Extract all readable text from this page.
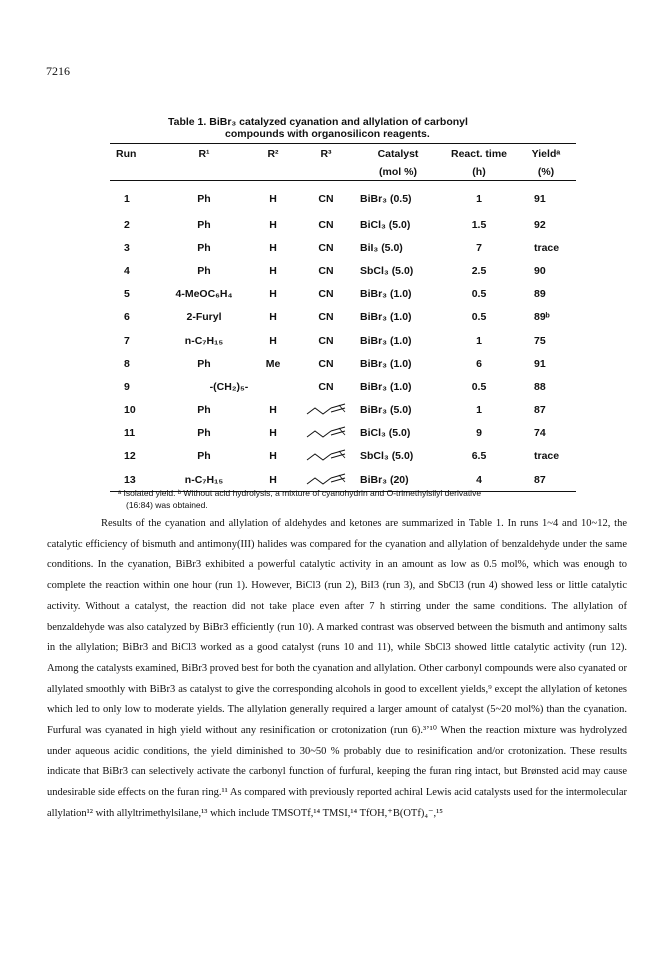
7216
Table 1. BiBr₃ catalyzed cyanation and allylation of carbonyl
compounds with organosilicon reagents.
Run	R¹	R²	R³	Catalyst	React. time	Yieldᵃ
				(mol %)	(h)	(%)
1	Ph	H	CN	BiBr₃ (0.5)	1	91
2	Ph	H	CN	BiCl₃ (5.0)	1.5	92
3	Ph	H	CN	BiI₃ (5.0)	7	trace
4	Ph	H	CN	SbCl₃ (5.0)	2.5	90
5	4-MeOC₆H₄	H	CN	BiBr₃ (1.0)	0.5	89
6	2-Furyl	H	CN	BiBr₃ (1.0)	0.5	89ᵇ
7	n-C₇H₁₅	H	CN	BiBr₃ (1.0)	1	75
8	Ph	Me	CN	BiBr₃ (1.0)	6	91
9	-(CH₂)₅-		CN	BiBr₃ (1.0)	0.5	88
10	Ph	H		BiBr₃ (5.0)	1	87
11	Ph	H		BiCl₃ (5.0)	9	74
12	Ph	H		SbCl₃ (5.0)	6.5	trace
13	n-C₇H₁₅	H		BiBr₃ (20)	4	87
ᵃ Isolated yield. ᵇ Without acid hydrolysis, a mixture of cyanohydrin and O-trimethylsilyl derivative
(16:84) was obtained.

Results of the cyanation and allylation of aldehydes and ketones are summarized in Table 1. In runs 1~4 and 10~12, the catalytic efficiency of bismuth and antimony(III) halides was compared for the cyanation and allylation of benzaldehyde under the same conditions. In the cyanation, BiBr3 exhibited a powerful catalytic activity in an amount as low as 0.5 mol%, which was enough to complete the reaction within one hour (run 1). However, BiCl3 (run 2), BiI3 (run 3), and SbCl3 (run 4) showed less or little catalytic activity. Without a catalyst, the reaction did not take place even after 7 h stirring under the same conditions. The allylation of benzaldehyde was also catalyzed by BiBr3 efficiently (run 10). A marked contrast was observed between the bismuth and antimony salts in the allylation; BiBr3 and BiCl3 worked as a good catalyst (runs 10 and 11), while SbCl3 showed little catalytic activity (run 12). Among the catalysts examined, BiBr3 proved best for both the cyanation and allylation. Other carbonyl compounds were also cyanated or allylated smoothly with BiBr3 as catalyst to give the corresponding alcohols in good to excellent yields,⁹ except the allylation of ketones which led to only low to moderate yields. The allylation generally required a larger amount of catalyst (5~20 mol%) than the cyanation. Furfural was cyanated in high yield without any resinification or crotonization (run 6).³ʼ¹⁰ When the reaction mixture was hydrolyzed under aqueous acidic conditions, the yield diminished to 30~50 % probably due to resinification and/or crotonization. These results indicate that BiBr3 can selectively activate the carbonyl function of furfural, keeping the furan ring intact, but Brønsted acid may cause undesirable side effects on the furan ring.¹¹ As compared with previously reported achiral Lewis acid catalysts used for the intermolecular allylation¹² with allyltrimethylsilane,¹³ which include TMSOTf,¹⁴ TMSI,¹⁴ TfOH,⁺B(OTf)₄⁻,¹⁵
